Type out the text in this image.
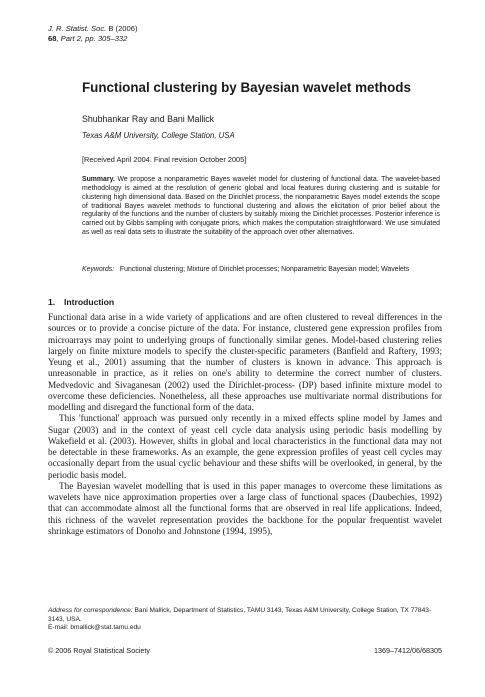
J. R. Statist. Soc. B (2006)
68, Part 2, pp. 305–332
Functional clustering by Bayesian wavelet methods
Shubhankar Ray and Bani Mallick
Texas A&M University, College Station, USA
[Received April 2004. Final revision October 2005]
Summary. We propose a nonparametric Bayes wavelet model for clustering of functional data. The wavelet-based methodology is aimed at the resolution of generic global and local features during clustering and is suitable for clustering high dimensional data. Based on the Dirichlet process, the nonparametric Bayes model extends the scope of traditional Bayes wavelet methods to functional clustering and allows the elicitation of prior belief about the regularity of the functions and the number of clusters by suitably mixing the Dirichlet processes. Posterior inference is carried out by Gibbs sampling with conjugate priors, which makes the computation straightforward. We use simulated as well as real data sets to illustrate the suitability of the approach over other alternatives.
Keywords: Functional clustering; Mixture of Dirichlet processes; Nonparametric Bayesian model; Wavelets
1. Introduction

Functional data arise in a wide variety of applications and are often clustered to reveal differences in the sources or to provide a concise picture of the data. For instance, clustered gene expression profiles from microarrays may point to underlying groups of functionally similar genes. Model-based clustering relies largely on finite mixture models to specify the cluster-specific parameters (Banfield and Raftery, 1993; Yeung et al., 2001) assuming that the number of clusters is known in advance. This approach is unreasonable in practice, as it relies on one's ability to determine the correct number of clusters. Medvedovic and Sivaganesan (2002) used the Dirichlet-process- (DP) based infinite mixture model to overcome these deficiencies. Nonetheless, all these approaches use multivariate normal distributions for modelling and disregard the functional form of the data.

This 'functional' approach was pursued only recently in a mixed effects spline model by James and Sugar (2003) and in the context of yeast cell cycle data analysis using periodic basis modelling by Wakefield et al. (2003). However, shifts in global and local characteristics in the functional data may not be detectable in these frameworks. As an example, the gene expression profiles of yeast cell cycles may occasionally depart from the usual cyclic behaviour and these shifts will be overlooked, in general, by the periodic basis model.

The Bayesian wavelet modelling that is used in this paper manages to overcome these limitations as wavelets have nice approximation properties over a large class of functional spaces (Daubechies, 1992) that can accommodate almost all the functional forms that are observed in real life applications. Indeed, this richness of the wavelet representation provides the backbone for the popular frequentist wavelet shrinkage estimators of Donoho and Johnstone (1994, 1995),

Address for correspondence: Bani Mallick, Department of Statistics, TAMU 3143, Texas A&M University, College Station, TX 77843-3143, USA.
E-mail: bmallick@stat.tamu.edu
© 2006 Royal Statistical Society	1369–7412/06/68305
